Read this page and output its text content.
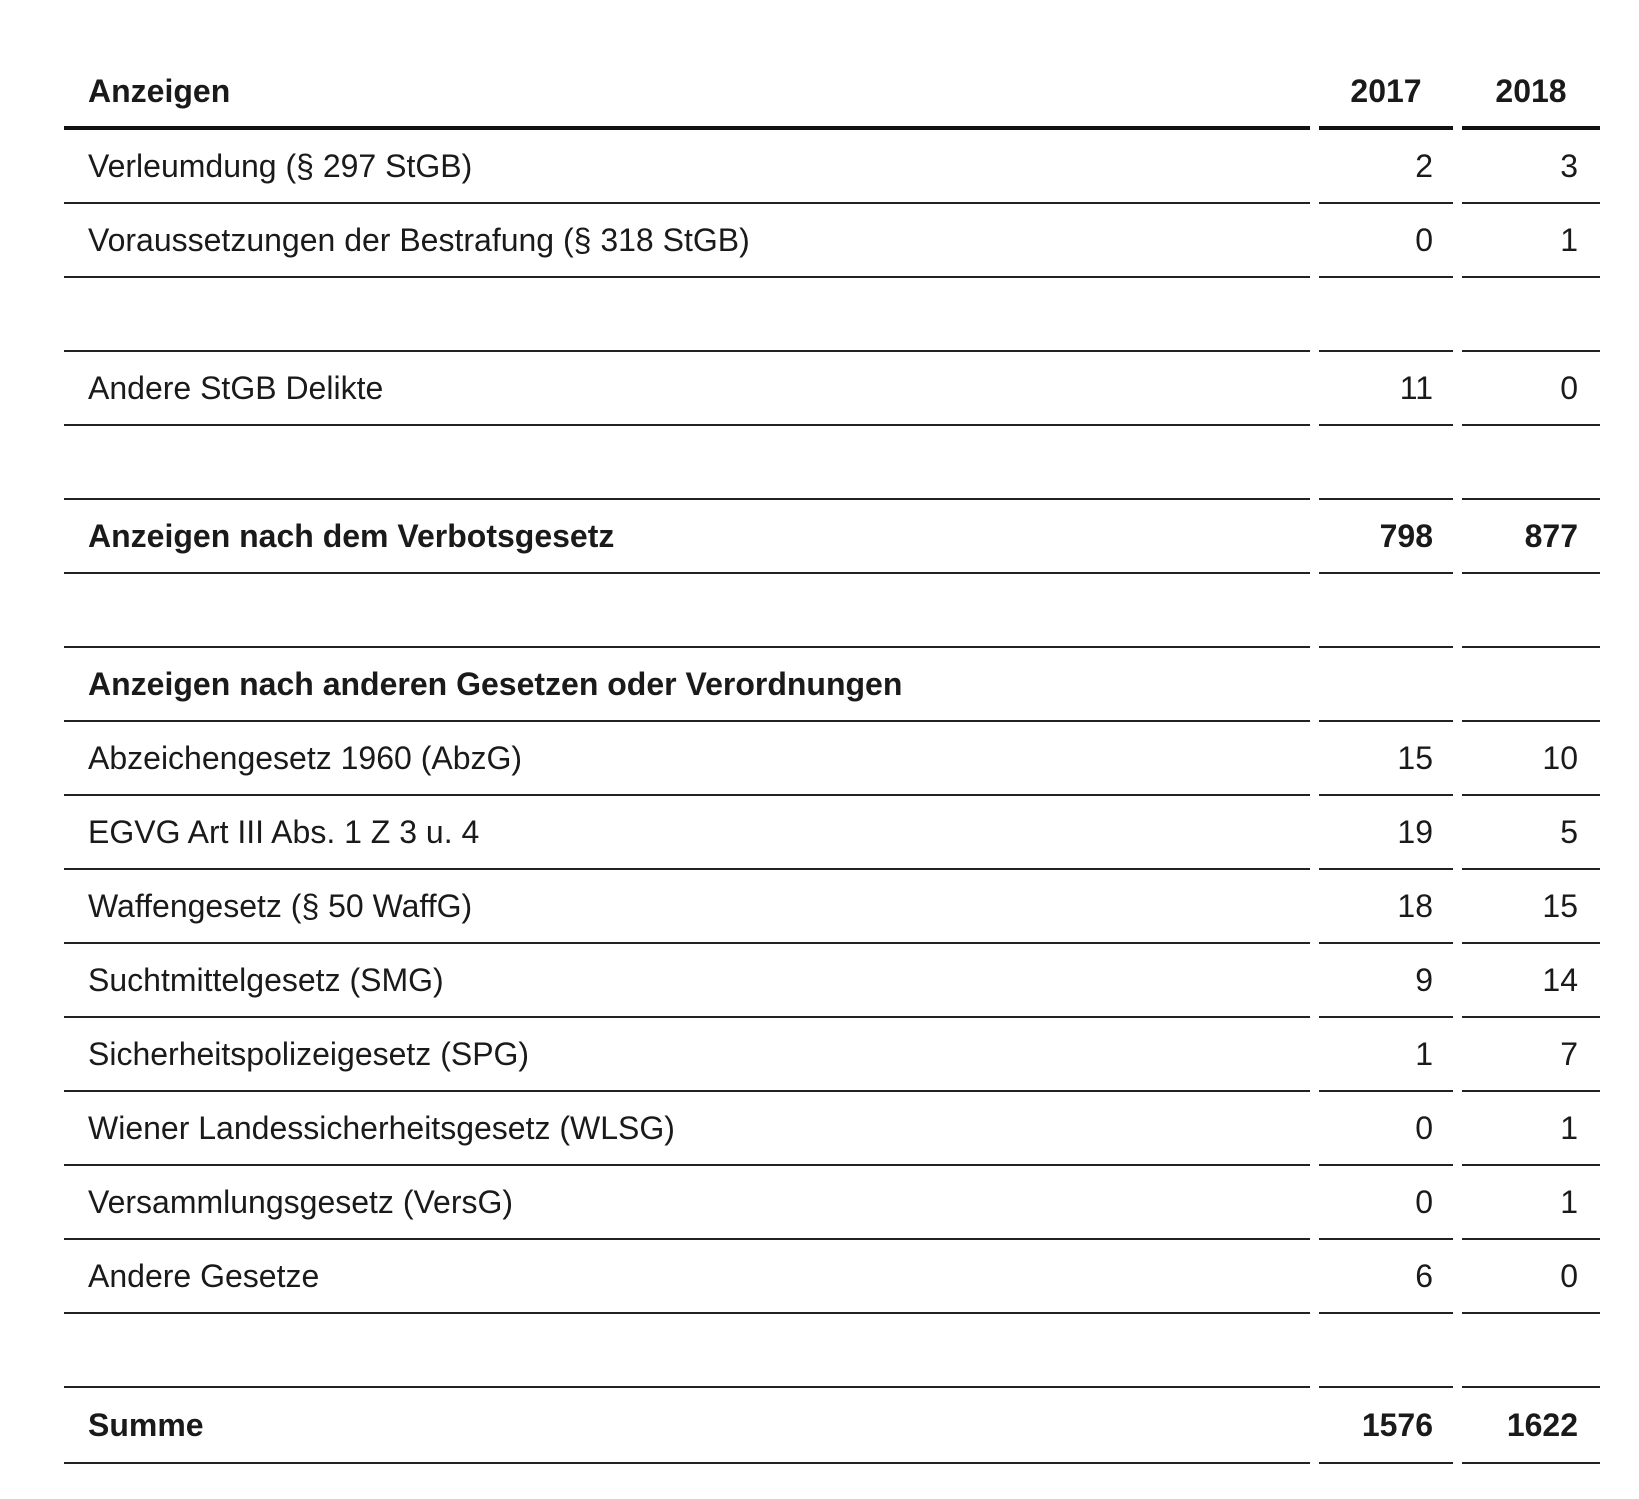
Anzeigen	2017	2018
Verleumdung (§ 297 StGB)	2	3
Voraussetzungen der Bestrafung (§ 318 StGB)	0	1
Andere StGB Delikte	11	0
Anzeigen nach dem Verbotsgesetz	798	877
Anzeigen nach anderen Gesetzen oder Verordnungen
Abzeichengesetz 1960 (AbzG)	15	10
EGVG Art III Abs. 1 Z 3 u. 4	19	5
Waffengesetz (§ 50 WaffG)	18	15
Suchtmittelgesetz (SMG)	9	14
Sicherheitspolizeigesetz (SPG)	1	7
Wiener Landessicherheitsgesetz (WLSG)	0	1
Versammlungsgesetz (VersG)	0	1
Andere Gesetze	6	0
Summe	1576	1622
